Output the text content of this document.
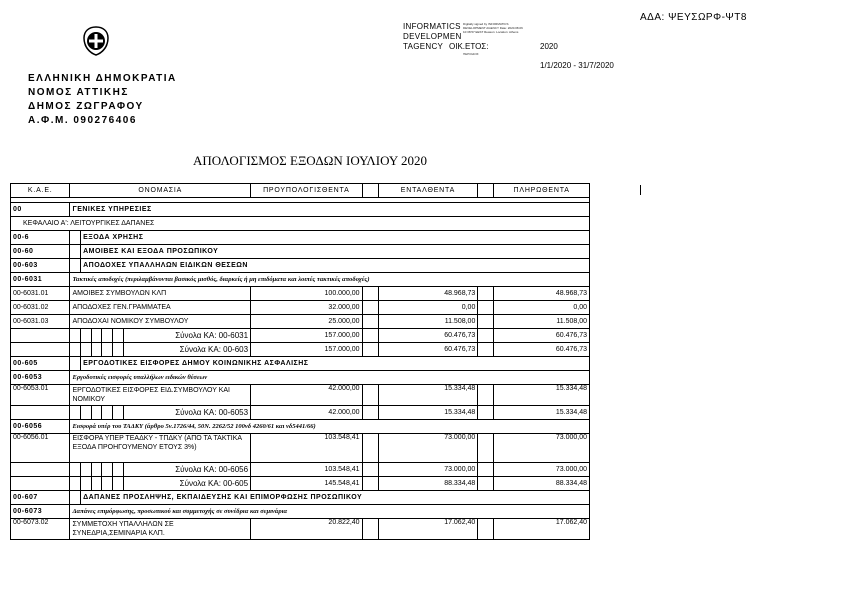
ΑΔΑ: ΨΕΥΣΩΡΦ-ΨΤ8
INFORMATICS
DEVELOPMEN
TAGENCY
Digitally signed by INFORMATICS DEVELOPMENT AGENCY Date: 2020.08.06 10:38:57 EEST Reason: Location: Athens
ΟΙΚ.ΕΤΟΣ:
ΠΕΡΙΟΔΟΣ:
2020
1/1/2020 - 31/7/2020
ΕΛΛΗΝΙΚΗ ΔΗΜΟΚΡΑΤΙΑ
ΝΟΜΟΣ ΑΤΤΙΚΗΣ
ΔΗΜΟΣ ΖΩΓΡΑΦΟΥ
Α.Φ.Μ. 090276406
ΑΠΟΛΟΓΙΣΜΟΣ ΕΞΟΔΩΝ ΙΟΥΛΙΟΥ 2020
Κ.Α.Ε.	ΟΝΟΜΑΣΙΑ						ΠΡΟΥΠΟΛΟΓΙΣΘΕΝΤΑ		ΕΝΤΑΛΘΕΝΤΑ		ΠΛΗΡΩΘΕΝΤΑ

00	ΓΕΝΙΚΕΣ ΥΠΗΡΕΣΙΕΣ										
ΚΕΦΑΛΑΙΟ Α': ΛΕΙΤΟΥΡΓΙΚΕΣ ΔΑΠΑΝΕΣ											
00-6		ΕΞΟΔΑ ΧΡΗΣΗΣ									
00-60		ΑΜΟΙΒΕΣ ΚΑΙ ΕΞΟΔΑ ΠΡΟΣΩΠΙΚΟΥ									
00-603		ΑΠΟΔΟΧΕΣ ΥΠΑΛΛΗΛΩΝ ΕΙΔΙΚΩΝ ΘΕΣΕΩΝ									
00-6031	Τακτικές αποδοχές (περιλαμβάνονται βασικός μισθός, διαρκείς ή μη επιδόματα και λοιπές τακτικές αποδοχές)										
00-6031.01	ΑΜΟΙΒΕΣ ΣΥΜΒΟΥΛΩΝ ΚΛΠ						100.000,00		48.968,73		48.968,73
00-6031.02	ΑΠΟΔΟΧΕΣ ΓΕΝ.ΓΡΑΜΜΑΤΕΑ						32.000,00		0,00		0,00
00-6031.03	ΑΠΟΔΟΧΑΙ ΝΟΜΙΚΟΥ ΣΥΜΒΟΥΛΟΥ						25.000,00		11.508,00		11.508,00
						Σύνολα ΚΑ: 00-6031	157.000,00		60.476,73		60.476,73
						Σύνολα ΚΑ: 00-603	157.000,00		60.476,73		60.476,73
00-605		ΕΡΓΟΔΟΤΙΚΕΣ ΕΙΣΦΟΡΕΣ ΔΗΜΟΥ ΚΟΙΝΩΝΙΚΗΣ ΑΣΦΑΛΙΣΗΣ									
00-6053	Εργοδοτικές εισφορές υπαλλήλων ειδικών θέσεων										
00-6053.01	ΕΡΓΟΔΟΤΙΚΕΣ ΕΙΣΦΟΡΕΣ ΕΙΔ.ΣΥΜΒΟΥΛΟΥ ΚΑΙ ΝΟΜΙΚΟΥ						42.000,00		15.334,48		15.334,48
						Σύνολα ΚΑ: 00-6053	42.000,00		15.334,48		15.334,48
00-6056	Εισφορά υπέρ του ΤΑΔΚΥ (άρθρο 5ν.1726/44, 50Ν. 2262/52 100νδ 4260/61 και νδ5441/66)										
00-6056.01	ΕΙΣΦΟΡΑ ΥΠΕΡ ΤΕΑΔΚΥ - ΤΠΔΚΥ (ΑΠΟ ΤΑ ΤΑΚΤΙΚΑ ΕΞΟΔΑ ΠΡΟΗΓΟΥΜΕΝΟΥ ΕΤΟΥΣ 3%)						103.548,41		73.000,00		73.000,00
						Σύνολα ΚΑ: 00-6056	103.548,41		73.000,00		73.000,00
						Σύνολα ΚΑ: 00-605	145.548,41		88.334,48		88.334,48
00-607		ΔΑΠΑΝΕΣ ΠΡΟΣΛΗΨΗΣ, ΕΚΠΑΙΔΕΥΣΗΣ ΚΑΙ ΕΠΙΜΟΡΦΩΣΗΣ ΠΡΟΣΩΠΙΚΟΥ									
00-6073	Δαπάνες επιμόρφωσης, προσωπικού και συμμετοχής σε συνέδρια και σεμινάρια										
00-6073.02	ΣΥΜΜΕΤΟΧΗ ΥΠΑΛΛΗΛΩΝ ΣΕ ΣΥΝΕΔΡΙΑ,ΣΕΜΙΝΑΡΙΑ ΚΛΠ.						20.822,40		17.062,40		17.062,40
